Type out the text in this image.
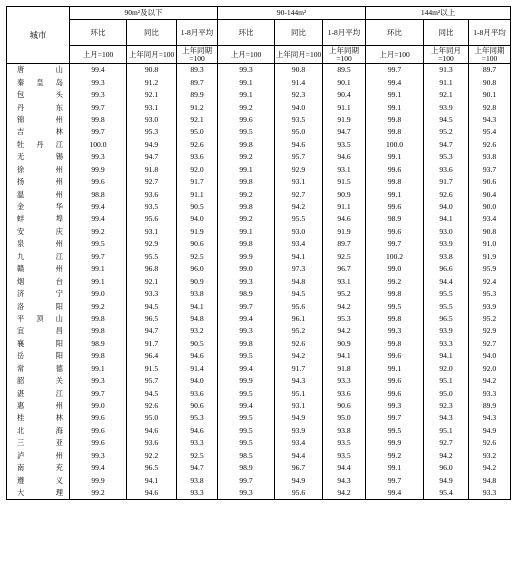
城市	90m²及以下			90-144m²			144m²以上		
	环比	同比	1-8月平均	环比	同比	1-8月平均	环比	同比	1-8月平均
	上月=100	上年同月=100	上年同期=100	上月=100	上年同月=100	上年同期=100	上月=100	上年同月=100	上年同期=100
唐山	99.4	90.8	89.3	99.3	90.8	89.5	99.7	91.3	89.7
秦皇岛	99.3	91.2	89.7	99.1	91.4	90.1	99.4	91.1	90.8
包头	99.3	92.1	89.9	99.1	92.3	90.4	99.1	92.1	90.1
丹东	99.7	93.1	91.2	99.2	94.0	91.1	99.1	93.9	92.8
锦州	99.8	93.0	92.1	99.6	93.5	91.9	99.8	94.5	94.3
吉林	99.7	95.3	95.0	99.5	95.0	94.7	99.8	95.2	95.4
牡丹江	100.0	94.9	92.6	99.8	94.6	93.5	100.0	94.7	92.6
无锡	99.3	94.7	93.6	99.2	95.7	94.6	99.1	95.3	93.8
徐州	99.9	91.8	92.0	99.1	92.9	93.1	99.6	93.6	93.7
扬州	99.6	92.7	91.7	99.8	93.1	91.5	99.8	91.7	90.6
温州	98.8	93.6	91.1	99.2	92.7	90.9	99.1	92.6	90.4
金华	99.4	93.5	90.5	99.8	94.2	91.1	99.6	94.0	90.0
蚌埠	99.4	95.6	94.0	99.2	95.5	94.6	98.9	94.1	93.4
安庆	99.2	93.1	91.9	99.1	93.0	91.9	99.6	93.0	90.8
泉州	99.5	92.9	90.6	99.8	93.4	89.7	99.7	93.9	91.0
九江	99.7	95.5	92.5	99.9	94.1	92.5	100.2	93.8	91.9
赣州	99.1	96.8	96.0	99.0	97.3	96.7	99.0	96.6	95.9
烟台	99.1	92.1	90.9	99.3	94.8	93.1	99.2	94.4	92.4
济宁	99.0	93.3	93.8	98.9	94.5	95.2	99.8	95.5	95.3
洛阳	99.2	94.5	94.1	99.7	95.6	94.2	99.5	95.5	93.9
平顶山	99.8	96.5	94.8	99.4	96.1	95.3	99.8	96.5	95.2
宜昌	99.8	94.7	93.2	99.3	95.2	94.2	99.3	93.9	92.9
襄阳	98.9	91.7	90.5	99.8	92.6	90.9	99.8	93.3	92.7
岳阳	99.8	96.4	94.6	99.5	94.2	94.1	99.6	94.1	94.0
常德	99.1	91.5	91.4	99.4	91.7	91.8	99.1	92.0	92.0
韶关	99.3	95.7	94.0	99.9	94.3	93.3	99.6	95.1	94.2
湛江	99.7	94.5	93.6	99.5	95.1	93.6	99.6	95.0	93.3
惠州	99.0	92.6	90.6	99.4	93.1	90.6	99.3	92.3	89.9
桂林	99.6	95.0	95.3	99.5	94.9	95.0	99.7	94.3	94.3
北海	99.6	94.6	94.6	99.5	93.9	93.8	99.5	95.1	94.9
三亚	99.6	93.6	93.3	99.5	93.4	93.5	99.9	92.7	92.6
泸州	99.3	92.2	92.5	98.5	94.4	93.5	99.2	94.2	93.2
南充	99.4	96.5	94.7	98.9	96.7	94.4	99.1	96.0	94.2
遵义	99.9	94.1	93.8	99.7	94.9	94.3	99.7	94.9	94.8
大理	99.2	94.6	93.3	99.3	95.6	94.2	99.4	95.4	93.3
